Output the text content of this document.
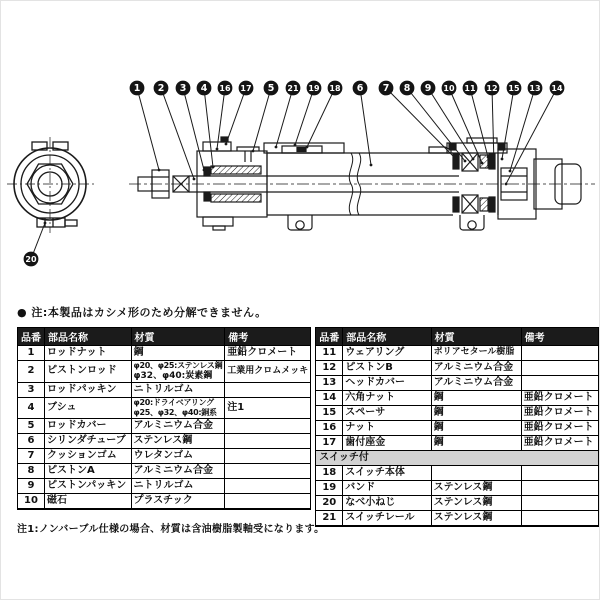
1 2 3 4 16 17 5 21 19 18 6 7 8 9 10 11 12 15 13 14
20
● 注:本製品はカシメ形のため分解できません。
品番	部品名称	材質	備考
1	ロッドナット	鋼	亜鉛クロメート

2	ピストンロッド	φ20、φ25:ステンレス鋼
φ32、φ40:炭素鋼	工業用クロムメッキ

3	ロッドパッキン	ニトリルゴム	

4	ブシュ	φ20:ドライベアリング
φ25、φ32、φ40:銅系	注1

5	ロッドカバー	アルミニウム合金	

6	シリンダチューブ	ステンレス鋼	

7	クッションゴム	ウレタンゴム	

8	ピストンA	アルミニウム合金	

9	ピストンパッキン	ニトリルゴム	

10	磁石	プラスチック	

品番	部品名称	材質	備考
11	ウェアリング	ポリアセタール樹脂	

12	ピストンB	アルミニウム合金	

13	ヘッドカバー	アルミニウム合金	

14	六角ナット	鋼	亜鉛クロメート

15	スペーサ	鋼	亜鉛クロメート

16	ナット	鋼	亜鉛クロメート

17	歯付座金	鋼	亜鉛クロメート

スイッチ付			
18	スイッチ本体		

19	バンド	ステンレス鋼	

20	なべ小ねじ	ステンレス鋼	

21	スイッチレール	ステンレス鋼	

注1:ノンバーブル仕様の場合、材質は含油樹脂製軸受になります。
